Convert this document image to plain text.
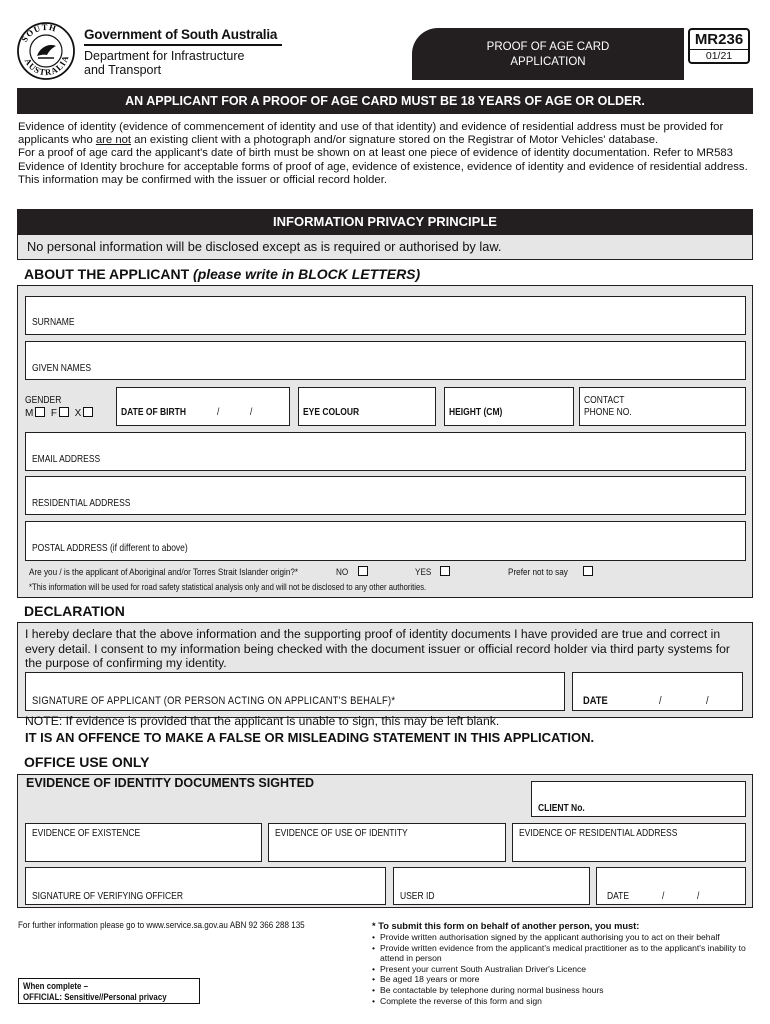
SOUTH
AUSTRALIA
Government of South Australia
Department for Infrastructure
and Transport
PROOF OF AGE CARD
APPLICATION
MR236
01/21
AN APPLICANT FOR A PROOF OF AGE CARD MUST BE 18 YEARS OF AGE OR OLDER.
Evidence of identity (evidence of commencement of identity and use of that identity) and evidence of residential address must be provided for applicants who are not an existing client with a photograph and/or signature stored on the Registrar of Motor Vehicles' database.
For a proof of age card the applicant's date of birth must be shown on at least one piece of evidence of identity documentation. Refer to MR583 Evidence of Identity brochure for acceptable forms of proof of age, evidence of existence, evidence of identity and evidence of residential address. This information may be confirmed with the issuer or official record holder.
INFORMATION PRIVACY PRINCIPLE
No personal information will be disclosed except as is required or authorised by law.
ABOUT THE APPLICANT (please write in BLOCK LETTERS)
SURNAME
GIVEN NAMES
GENDER
M F X	DATE OF BIRTH	/	/	EYE COLOUR	HEIGHT (CM)
CONTACT
PHONE NO.
EMAIL ADDRESS
RESIDENTIAL ADDRESS
POSTAL ADDRESS (if different to above)
Are you / is the applicant of Aboriginal and/or Torres Strait Islander origin?*	NO	YES	Prefer not to say
*This information will be used for road safety statistical analysis only and will not be disclosed to any other authorities.
DECLARATION
SIGNATURE OF APPLICANT (OR PERSON ACTING ON APPLICANT'S BEHALF)*	DATE	/	/
I hereby declare that the above information and the supporting proof of identity documents I have provided are true and correct in every detail. I consent to my information being checked with the document issuer or official record holder via third party systems for the purpose of confirming my identity.
NOTE: If evidence is provided that the applicant is unable to sign, this may be left blank.
IT IS AN OFFENCE TO MAKE A FALSE OR MISLEADING STATEMENT IN THIS APPLICATION.
OFFICE USE ONLY
CLIENT No.
EVIDENCE OF EXISTENCE	EVIDENCE OF USE OF IDENTITY	EVIDENCE OF RESIDENTIAL ADDRESS
SIGNATURE OF VERIFYING OFFICER	USER ID	DATE	/	/
EVIDENCE OF IDENTITY DOCUMENTS SIGHTED
For further information please go to www.service.sa.gov.au ABN 92 366 288 135
When complete –
OFFICIAL: Sensitive//Personal privacy
* To submit this form on behalf of another person, you must:
• Provide written authorisation signed by the applicant authorising you to act on their behalf
• Provide written evidence from the applicant's medical practitioner as to the applicant's inability to attend in person
• Present your current South Australian Driver's Licence
• Be aged 18 years or more
• Be contactable by telephone during normal business hours
• Complete the reverse of this form and sign
